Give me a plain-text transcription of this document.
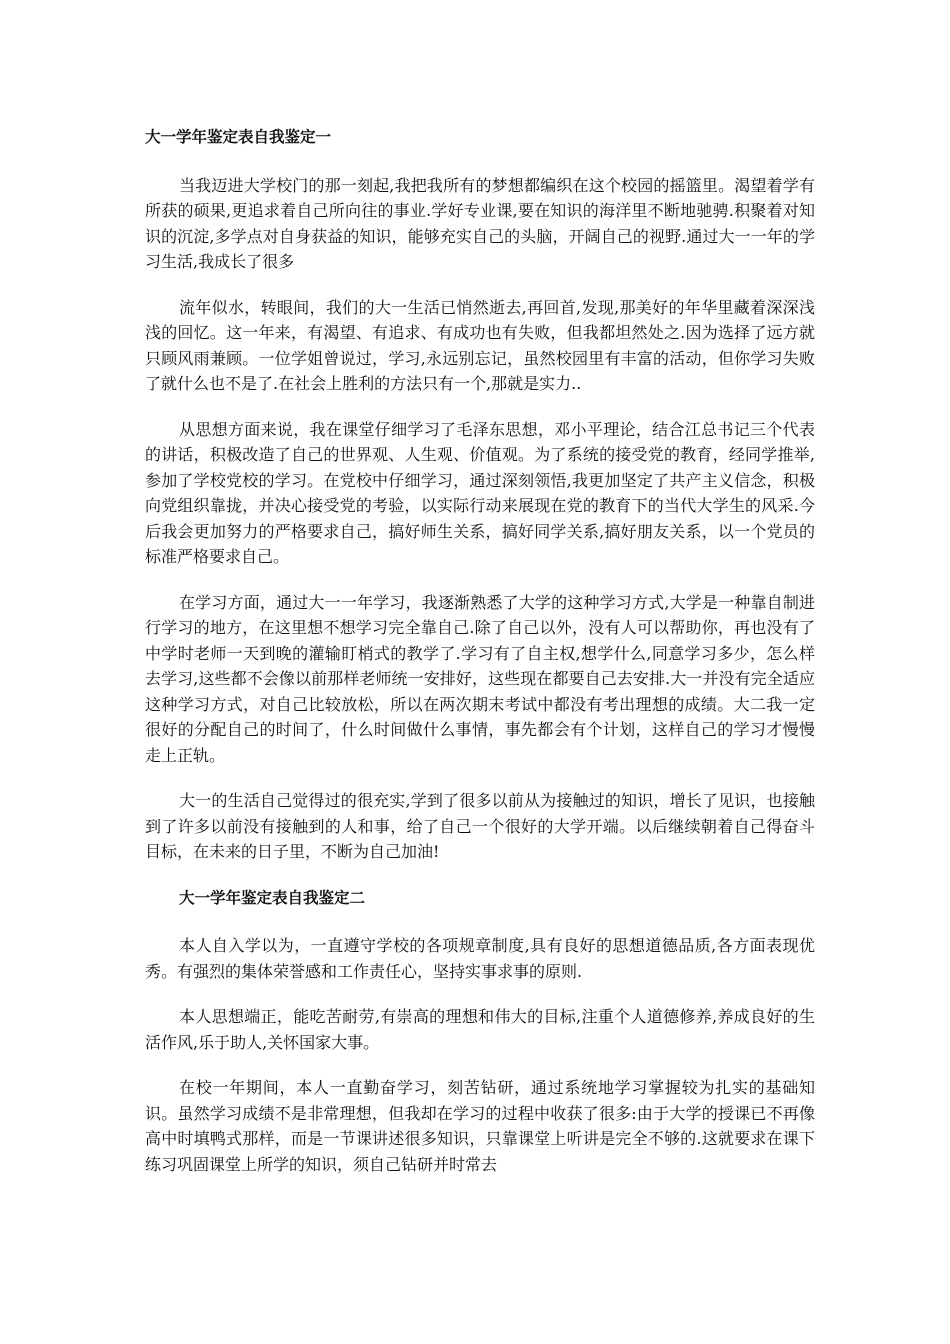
大一学年鉴定表自我鉴定一

当我迈进大学校门的那一刻起,我把我所有的梦想都编织在这个校园的摇篮里。渴望着学有所获的硕果,更追求着自己所向往的事业.学好专业课,要在知识的海洋里不断地驰骋.积聚着对知识的沉淀,多学点对自身获益的知识，能够充实自己的头脑，开阔自己的视野.通过大一一年的学习生活,我成长了很多

流年似水，转眼间，我们的大一生活已悄然逝去,再回首,发现,那美好的年华里藏着深深浅浅的回忆。这一年来，有渴望、有追求、有成功也有失败，但我都坦然处之.因为选择了远方就只顾风雨兼顾。一位学姐曾说过，学习,永远别忘记，虽然校园里有丰富的活动，但你学习失败了就什么也不是了.在社会上胜利的方法只有一个,那就是实力..

从思想方面来说，我在课堂仔细学习了毛泽东思想，邓小平理论，结合江总书记三个代表的讲话，积极改造了自己的世界观、人生观、价值观。为了系统的接受党的教育，经同学推举,参加了学校党校的学习。在党校中仔细学习，通过深刻领悟,我更加坚定了共产主义信念，积极向党组织靠拢，并决心接受党的考验，以实际行动来展现在党的教育下的当代大学生的风采.今后我会更加努力的严格要求自己，搞好师生关系，搞好同学关系,搞好朋友关系，以一个党员的标准严格要求自己。

在学习方面，通过大一一年学习，我逐渐熟悉了大学的这种学习方式,大学是一种靠自制进行学习的地方，在这里想不想学习完全靠自己.除了自己以外，没有人可以帮助你，再也没有了中学时老师一天到晚的灌输盯梢式的教学了.学习有了自主权,想学什么,同意学习多少，怎么样去学习,这些都不会像以前那样老师统一安排好，这些现在都要自己去安排.大一并没有完全适应这种学习方式，对自己比较放松，所以在两次期末考试中都没有考出理想的成绩。大二我一定很好的分配自己的时间了，什么时间做什么事情，事先都会有个计划，这样自己的学习才慢慢走上正轨。

大一的生活自己觉得过的很充实,学到了很多以前从为接触过的知识，增长了见识，也接触到了许多以前没有接触到的人和事，给了自己一个很好的大学开端。以后继续朝着自己得奋斗目标，在未来的日子里，不断为自己加油!

大一学年鉴定表自我鉴定二

本人自入学以为，一直遵守学校的各项规章制度,具有良好的思想道德品质,各方面表现优秀。有强烈的集体荣誉感和工作责任心，坚持实事求事的原则.

本人思想端正，能吃苦耐劳,有崇高的理想和伟大的目标,注重个人道德修养,养成良好的生活作风,乐于助人,关怀国家大事。

在校一年期间，本人一直勤奋学习，刻苦钻研，通过系统地学习掌握较为扎实的基础知识。虽然学习成绩不是非常理想，但我却在学习的过程中收获了很多:由于大学的授课已不再像高中时填鸭式那样，而是一节课讲述很多知识，只靠课堂上听讲是完全不够的.这就要求在课下练习巩固课堂上所学的知识，须自己钻研并时常去
